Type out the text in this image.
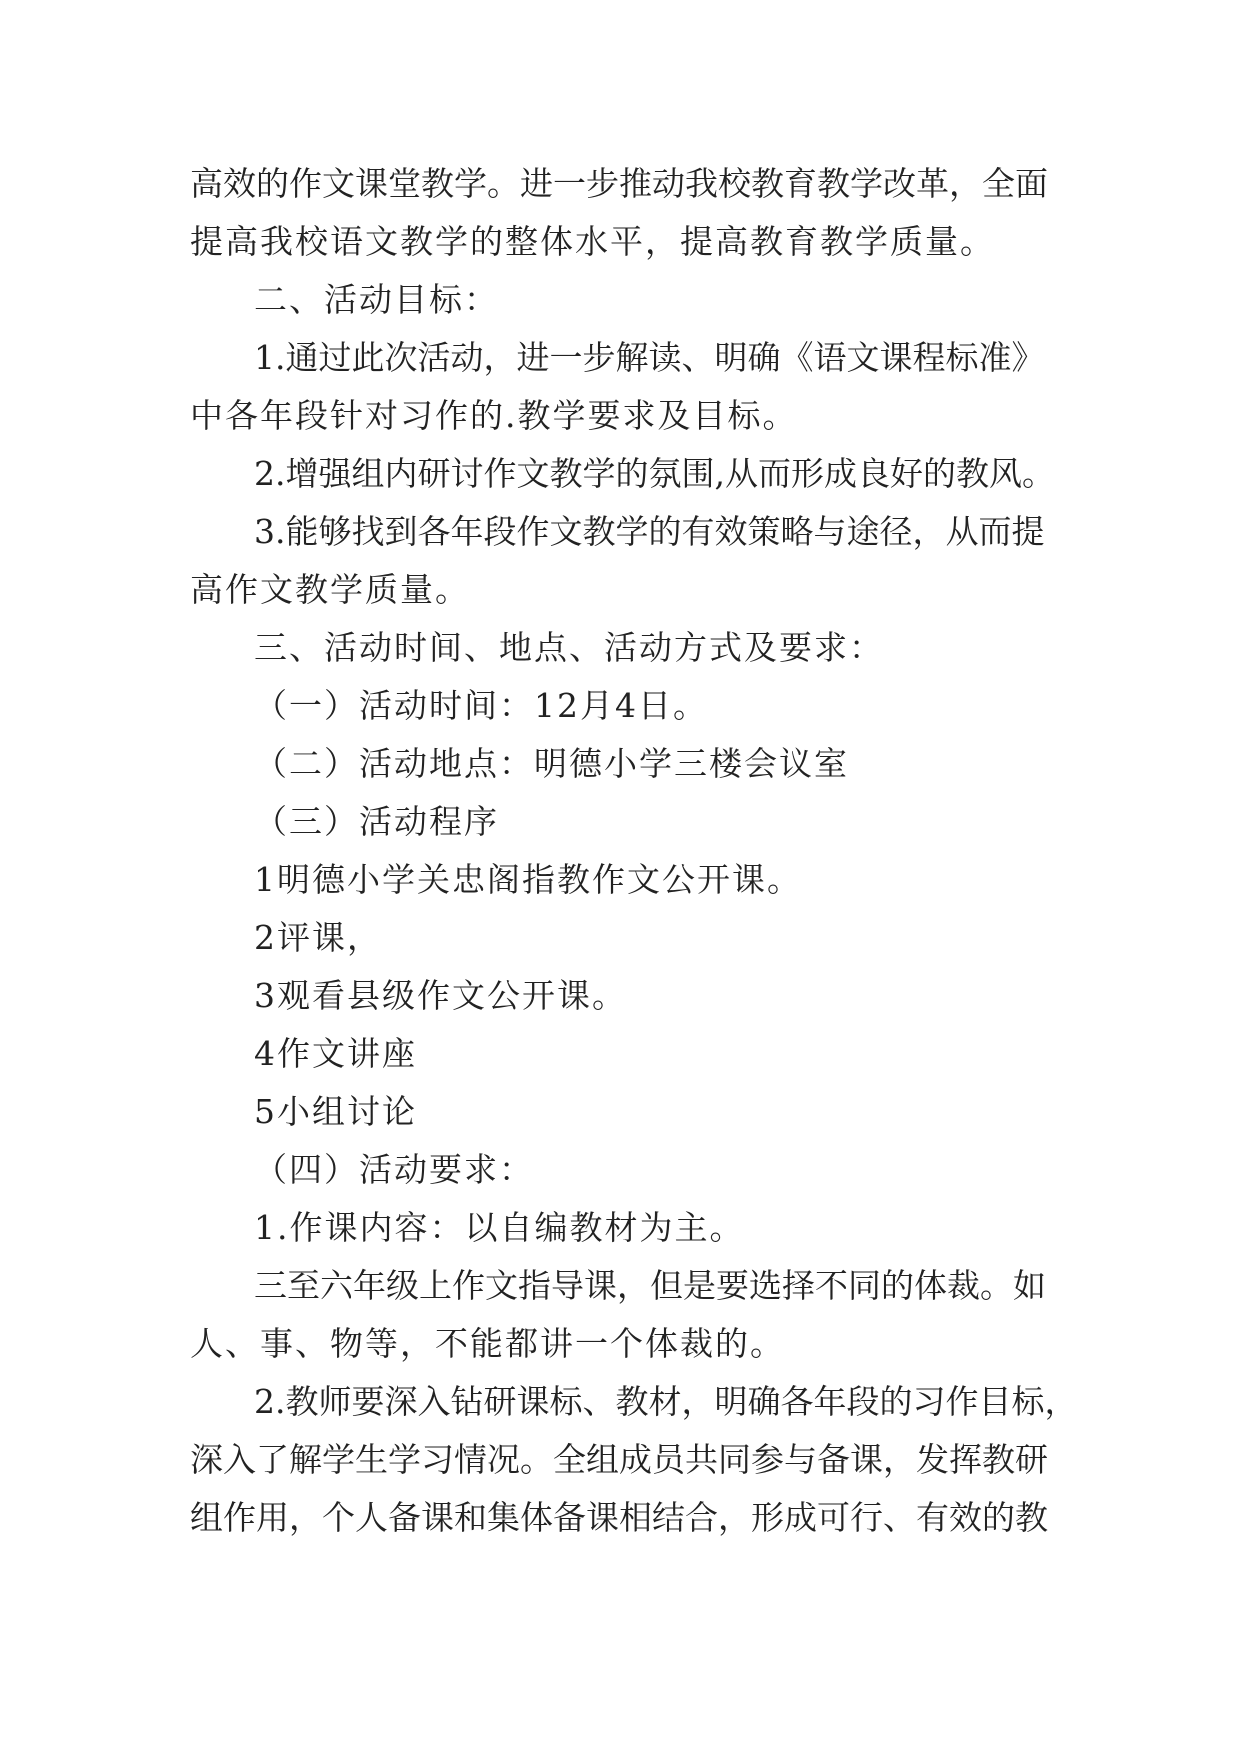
高效的作文课堂教学。进一步推动我校教育教学改革，全面
提高我校语文教学的整体水平，提高教育教学质量。
二、活动目标：
1.通过此次活动，进一步解读、明确《语文课程标准》
中各年段针对习作的.教学要求及目标。
2.增强组内研讨作文教学的氛围,从而形成良好的教风。
3.能够找到各年段作文教学的有效策略与途径，从而提
高作文教学质量。
三、活动时间、地点、活动方式及要求：
（一）活动时间：12月4日。
（二）活动地点：明德小学三楼会议室
（三）活动程序
1明德小学关忠阁指教作文公开课。
2评课，
3观看县级作文公开课。
4作文讲座
5小组讨论
（四）活动要求：
1.作课内容：以自编教材为主。
三至六年级上作文指导课，但是要选择不同的体裁。如
人、事、物等，不能都讲一个体裁的。
2.教师要深入钻研课标、教材，明确各年段的习作目标，
深入了解学生学习情况。全组成员共同参与备课，发挥教研
组作用，个人备课和集体备课相结合，形成可行、有效的教
